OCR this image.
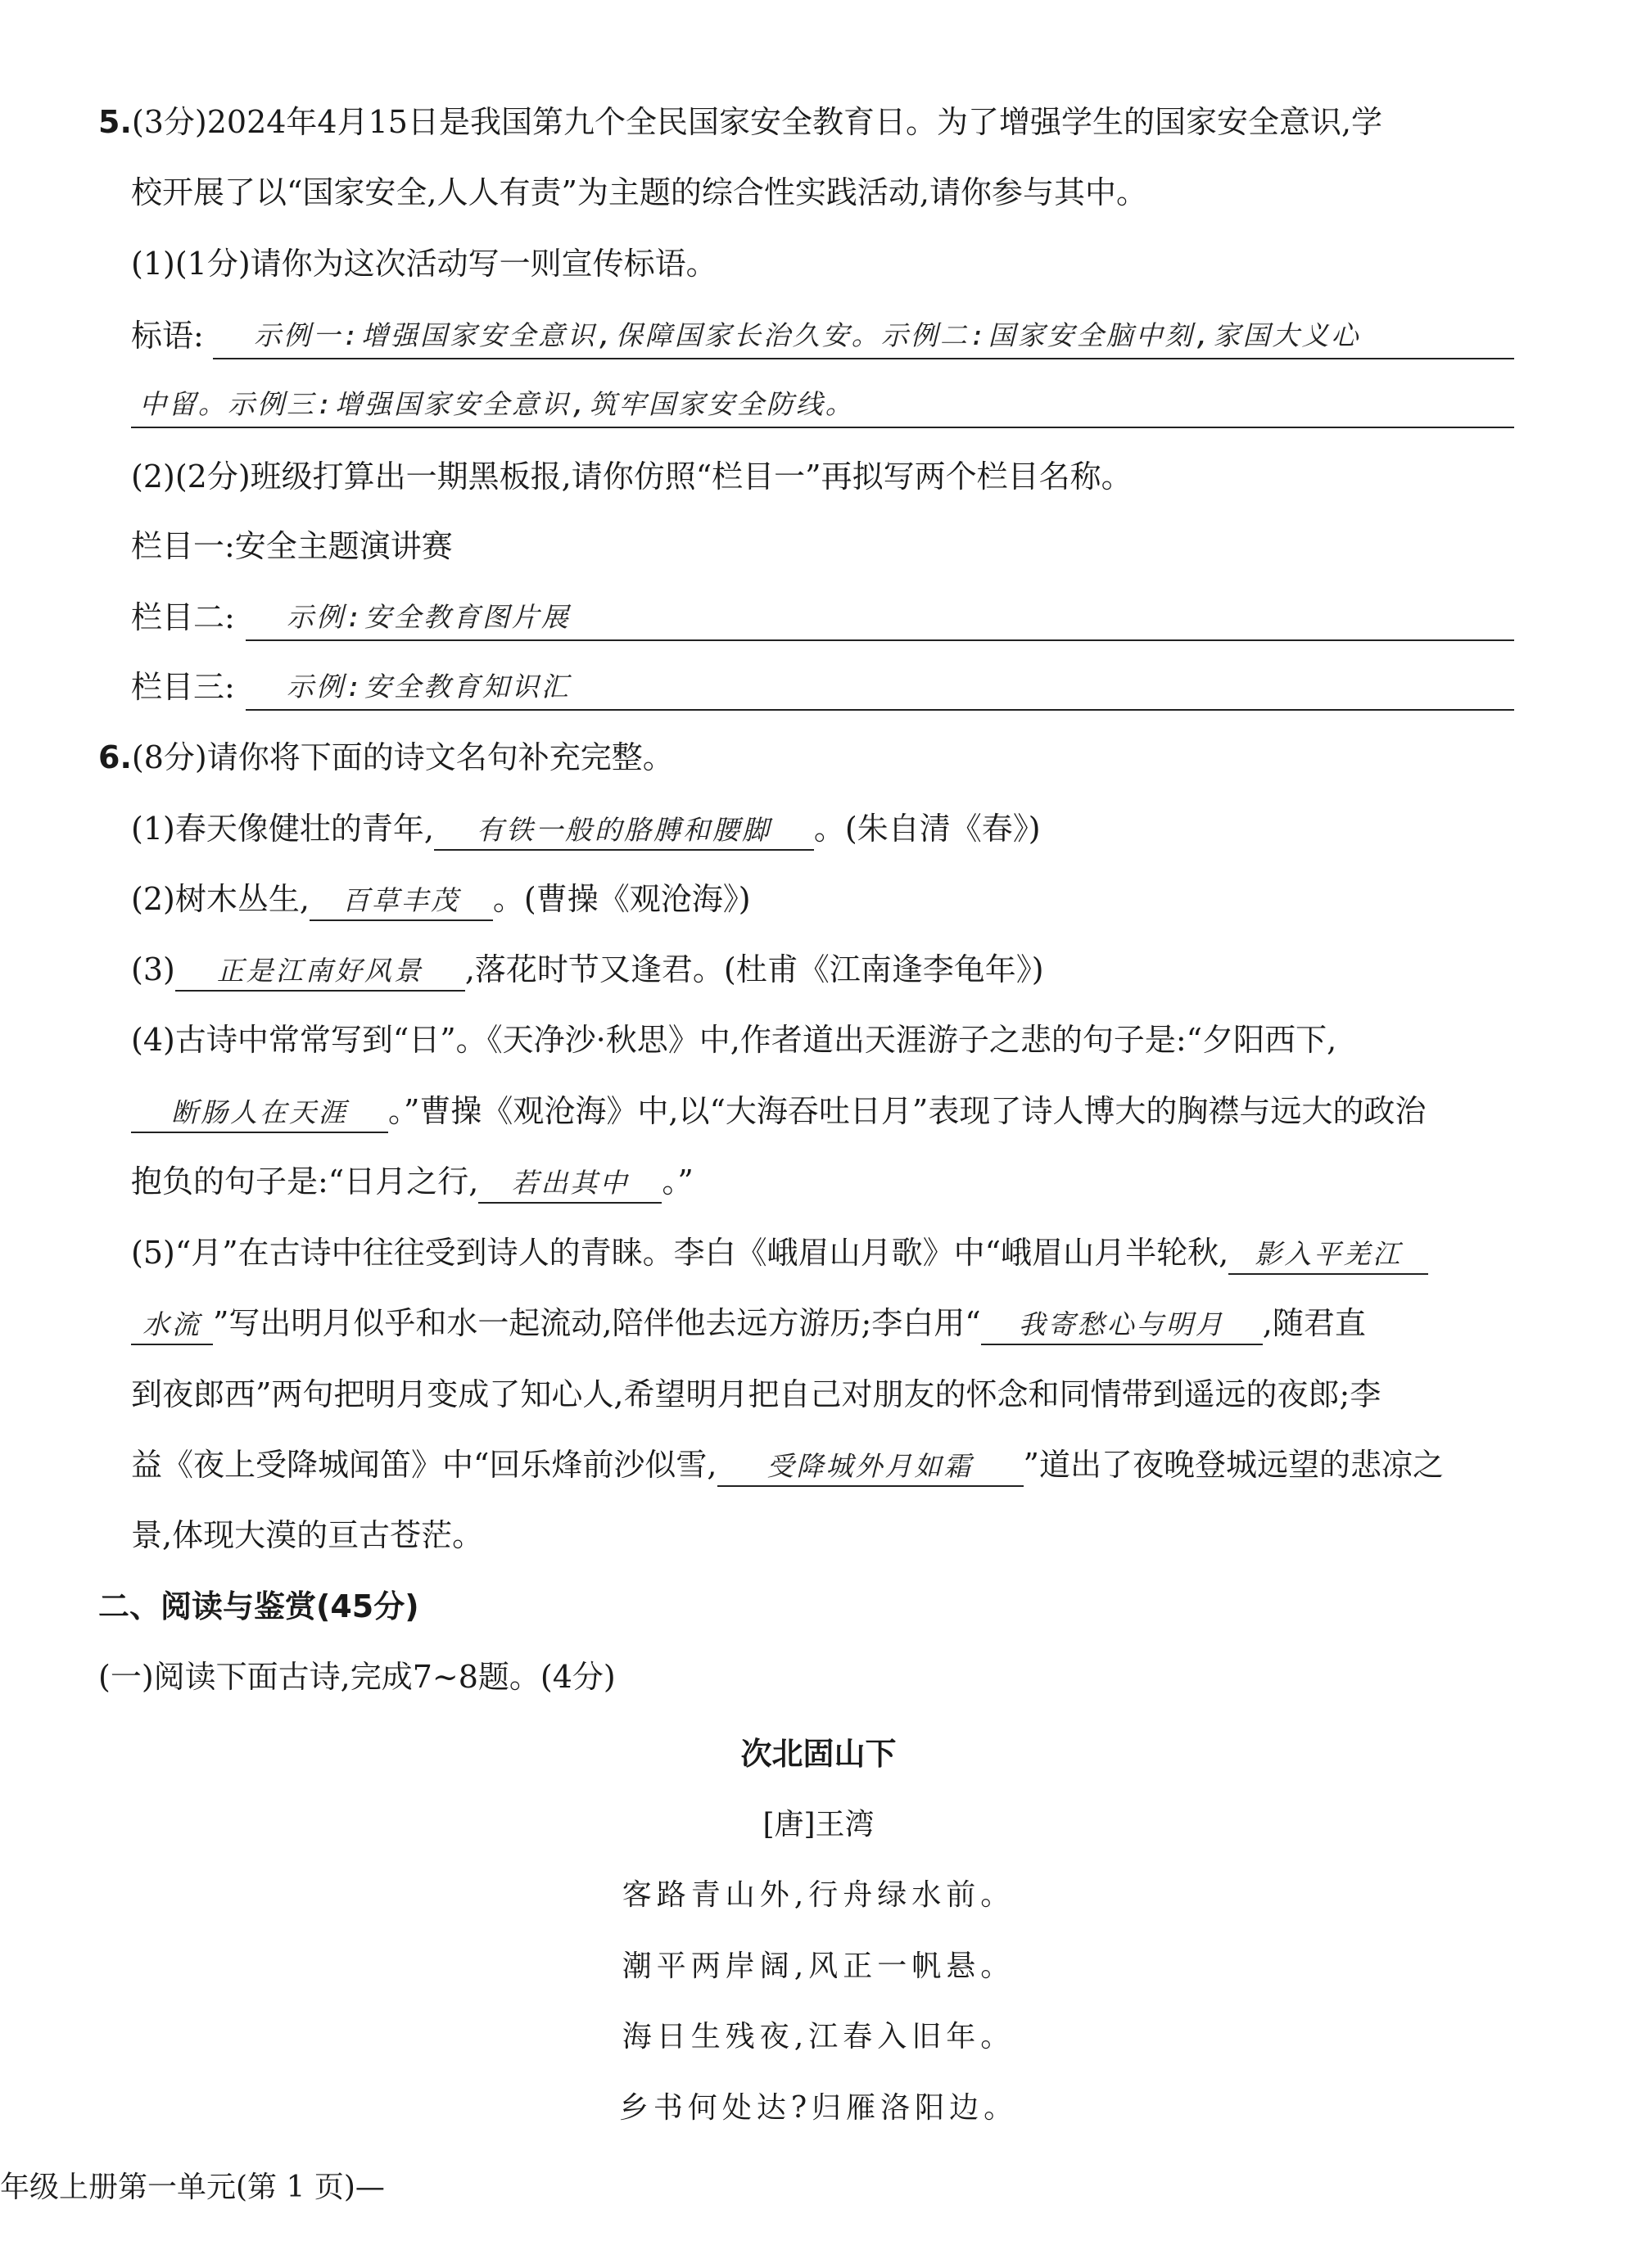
5.(3分)2024年4月15日是我国第九个全民国家安全教育日。为了增强学生的国家安全意识,学
校开展了以“国家安全,人人有责”为主题的综合性实践活动,请你参与其中。
(1)(1分)请你为这次活动写一则宣传标语。
标语:	示例一:增强国家安全意识,保障国家长治久安。示例二:国家安全脑中刻,家国大义心
中留。示例三:增强国家安全意识,筑牢国家安全防线。
(2)(2分)班级打算出一期黑板报,请你仿照“栏目一”再拟写两个栏目名称。
栏目一:安全主题演讲赛
栏目二:	示例:安全教育图片展
栏目三:	示例:安全教育知识汇
6.(8分)请你将下面的诗文名句补充完整。
(1)春天像健壮的青年, 有铁一般的胳膊和腰脚 。(朱自清《春》)
(2)树木丛生, 百草丰茂 。(曹操《观沧海》)
(3) 正是江南好风景 ,落花时节又逢君。(杜甫《江南逢李龟年》)
(4)古诗中常常写到“日”。《天净沙·秋思》中,作者道出天涯游子之悲的句子是:“夕阳西下,
断肠人在天涯 。”曹操《观沧海》中,以“大海吞吐日月”表现了诗人博大的胸襟与远大的政治
抱负的句子是:“日月之行, 若出其中 。”
(5)“月”在古诗中往往受到诗人的青睐。李白《峨眉山月歌》中“峨眉山月半轮秋, 影入平羌江
水流 ”写出明月似乎和水一起流动,陪伴他去远方游历;李白用“ 我寄愁心与明月 ,随君直
到夜郎西”两句把明月变成了知心人,希望明月把自己对朋友的怀念和同情带到遥远的夜郎;李
益《夜上受降城闻笛》中“回乐烽前沙似雪, 受降城外月如霜 ”道出了夜晚登城远望的悲凉之
景,体现大漠的亘古苍茫。
二、阅读与鉴赏(45分)
(一)阅读下面古诗,完成7~8题。(4分)
次北固山下
[唐]王湾
客路青山外,行舟绿水前。
潮平两岸阔,风正一帆悬。
海日生残夜,江春入旧年。
乡书何处达?归雁洛阳边。
年级上册第一单元(第 1 页)—
